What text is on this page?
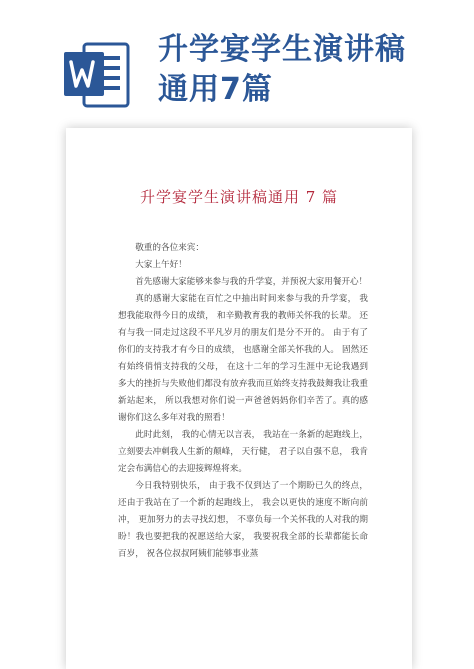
升学宴学生演讲稿
通用7篇
升学宴学生演讲稿通用 7 篇

敬重的各位来宾：

大家上午好！

首先感谢大家能够来参与我的升学宴，并预祝大家用餐开心！

真的感谢大家能在百忙之中抽出时间来参与我的升学宴， 我想我能取得今日的成绩， 和辛勤教育我的教师关怀我的长辈。 还有与我一同走过这段不平凡岁月的朋友们是分不开的。 由于有了你们的支持我才有今日的成绩， 也感谢全部关怀我的人。 固然还有始终俏悄支持我的父母， 在这十二年的学习生涯中无论我遇到多大的挫折与失败他们都没有放弃我而亘始终支持我鼓舞我让我重新站起来， 所以我想对你们说一声爸爸妈妈你们辛苦了。真的感谢你们这么多年对我的照看！

此时此刻， 我的心情无以言表， 我站在一条新的起跑线上， 立刻要去冲刺我人生新的颠峰， 天行健， 君子以自强不息， 我肯定会布满信心的去迎接辉煌将来。

今日我特别快乐， 由于我不仅到达了一个期盼已久的终点， 还由于我站在了一个新的起跑线上， 我会以更快的速度不断向前冲， 更加努力的去寻找幻想， 不辜负每一个关怀我的人对我的期盼！我也要把我的祝愿送给大家， 我要祝我全部的长辈都能长命百岁， 祝各位叔叔阿姨们能够事业蒸
